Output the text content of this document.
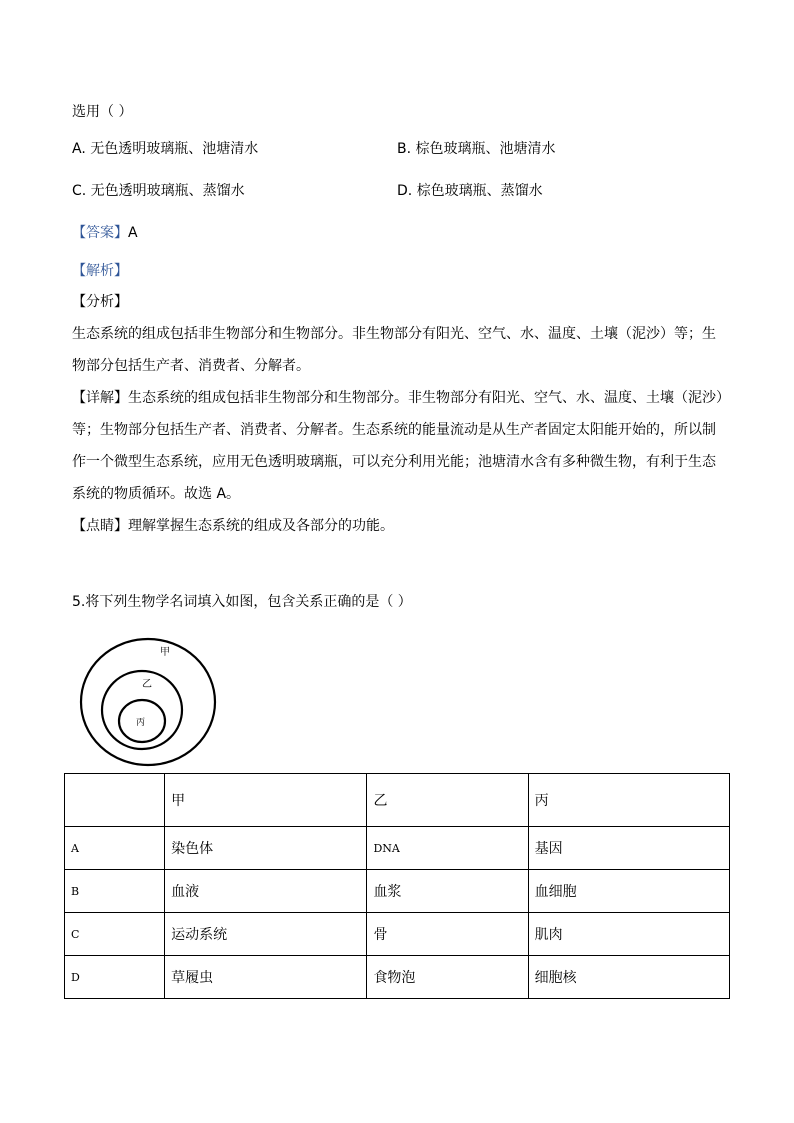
选用（ ）
A. 无色透明玻璃瓶、池塘清水	B. 棕色玻璃瓶、池塘清水
C. 无色透明玻璃瓶、蒸馏水	D. 棕色玻璃瓶、蒸馏水
【答案】A
【解析】
【分析】
生态系统的组成包括非生物部分和生物部分。非生物部分有阳光、空气、水、温度、土壤（泥沙）等；生
物部分包括生产者、消费者、分解者。
【详解】生态系统的组成包括非生物部分和生物部分。非生物部分有阳光、空气、水、温度、土壤（泥沙）
等；生物部分包括生产者、消费者、分解者。生态系统的能量流动是从生产者固定太阳能开始的，所以制
作一个微型生态系统，应用无色透明玻璃瓶，可以充分利用光能；池塘清水含有多种微生物，有利于生态
系统的物质循环。故选 A。
【点睛】理解掌握生态系统的组成及各部分的功能。
5.将下列生物学名词填入如图，包含关系正确的是（ ）
甲
乙
丙
	甲	乙	丙
A	染色体	DNA	基因
B	血液	血浆	血细胞
C	运动系统	骨	肌肉
D	草履虫	食物泡	细胞核
